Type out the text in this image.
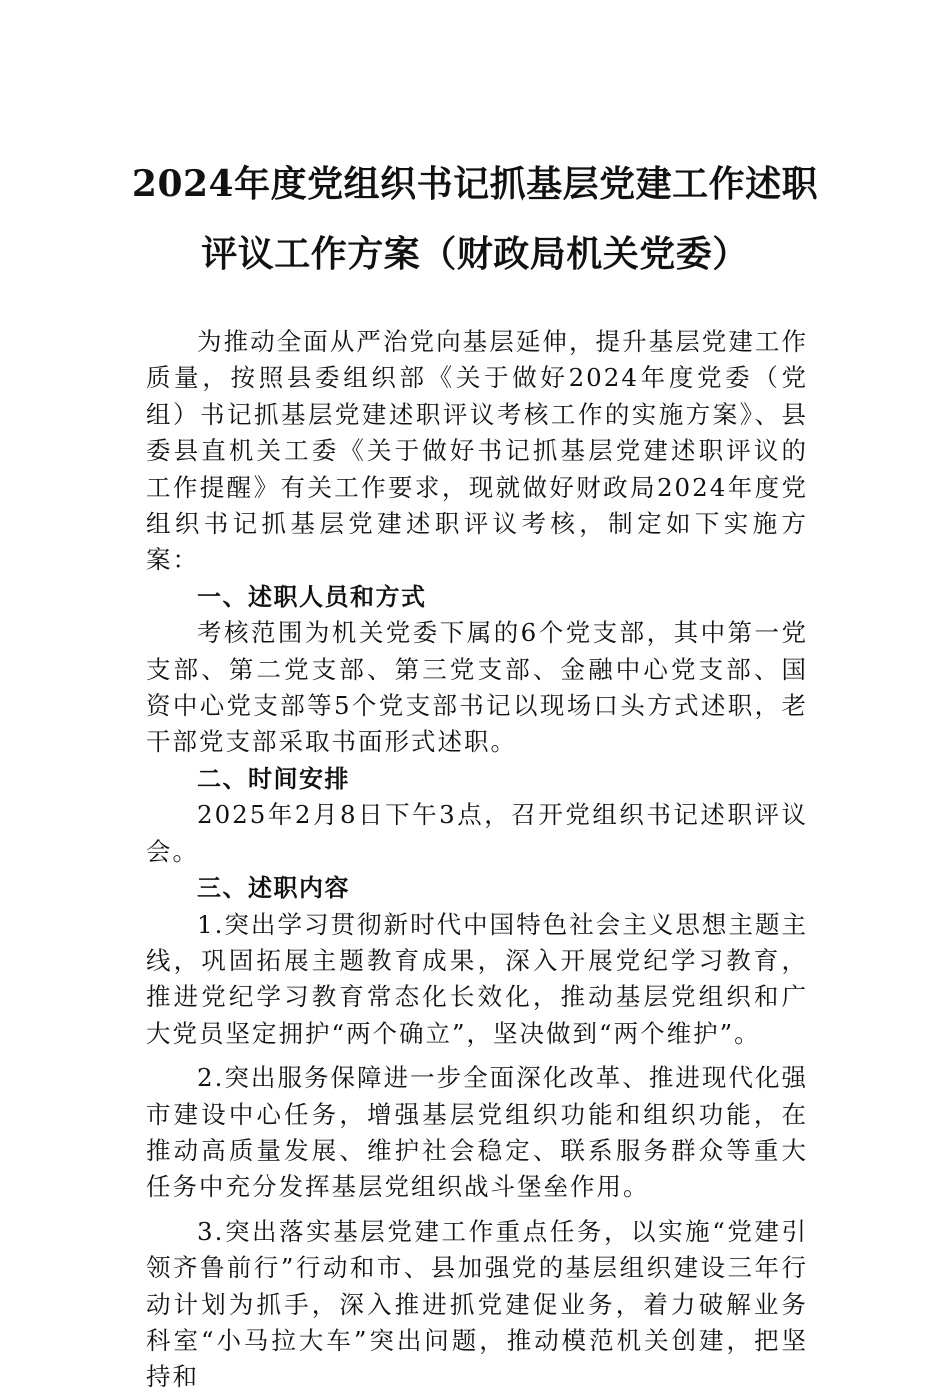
2024年度党组织书记抓基层党建工作述职
评议工作方案（财政局机关党委）

为推动全面从严治党向基层延伸，提升基层党建工作质量，按照县委组织部《关于做好2024年度党委（党组）书记抓基层党建述职评议考核工作的实施方案》、县委县直机关工委《关于做好书记抓基层党建述职评议的工作提醒》有关工作要求，现就做好财政局2024年度党组织书记抓基层党建述职评议考核，制定如下实施方案：

一、述职人员和方式

考核范围为机关党委下属的6个党支部，其中第一党支部、第二党支部、第三党支部、金融中心党支部、国资中心党支部等5个党支部书记以现场口头方式述职，老干部党支部采取书面形式述职。

二、时间安排

2025年2月8日下午3点，召开党组织书记述职评议会。

三、述职内容

1.突出学习贯彻新时代中国特色社会主义思想主题主线，巩固拓展主题教育成果，深入开展党纪学习教育，推进党纪学习教育常态化长效化，推动基层党组织和广大党员坚定拥护“两个确立”，坚决做到“两个维护”。

2.突出服务保障进一步全面深化改革、推进现代化强市建设中心任务，增强基层党组织功能和组织功能，在推动高质量发展、维护社会稳定、联系服务群众等重大任务中充分发挥基层党组织战斗堡垒作用。

3.突出落实基层党建工作重点任务，以实施“党建引领齐鲁前行”行动和市、县加强党的基层组织建设三年行动计划为抓手，深入推进抓党建促业务，着力破解业务科室“小马拉大车”突出问题，推动模范机关创建，把坚持和
